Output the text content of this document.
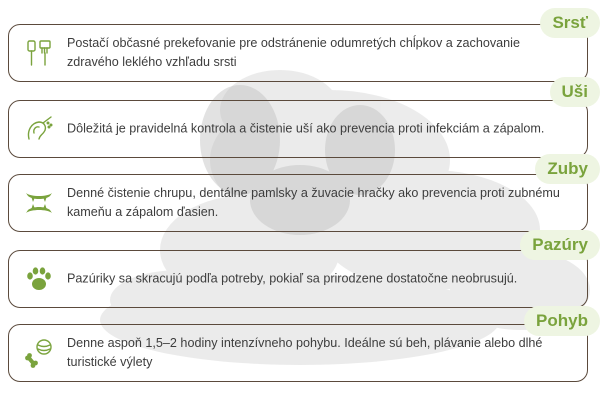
Postačí občasné prekefovanie pre odstránenie odumretých chĺpkov a zachovanie zdravého leklého vzhľadu srsti
Srsť
Dôležitá je pravidelná kontrola a čistenie uší ako prevencia proti infekciám a zápalom.
Uši
Denné čistenie chrupu, dentálne pamlsky a žuvacie hračky ako prevencia proti zubnému kameňu a zápalom ďasien.
Zuby
Pazúriky sa skracujú podľa potreby, pokiaľ sa prirodzene dostatočne neobrusujú.
Pazúry
Denne aspoň 1,5–2 hodiny intenzívneho pohybu. Ideálne sú beh, plávanie alebo dlhé turistické výlety
Pohyb
